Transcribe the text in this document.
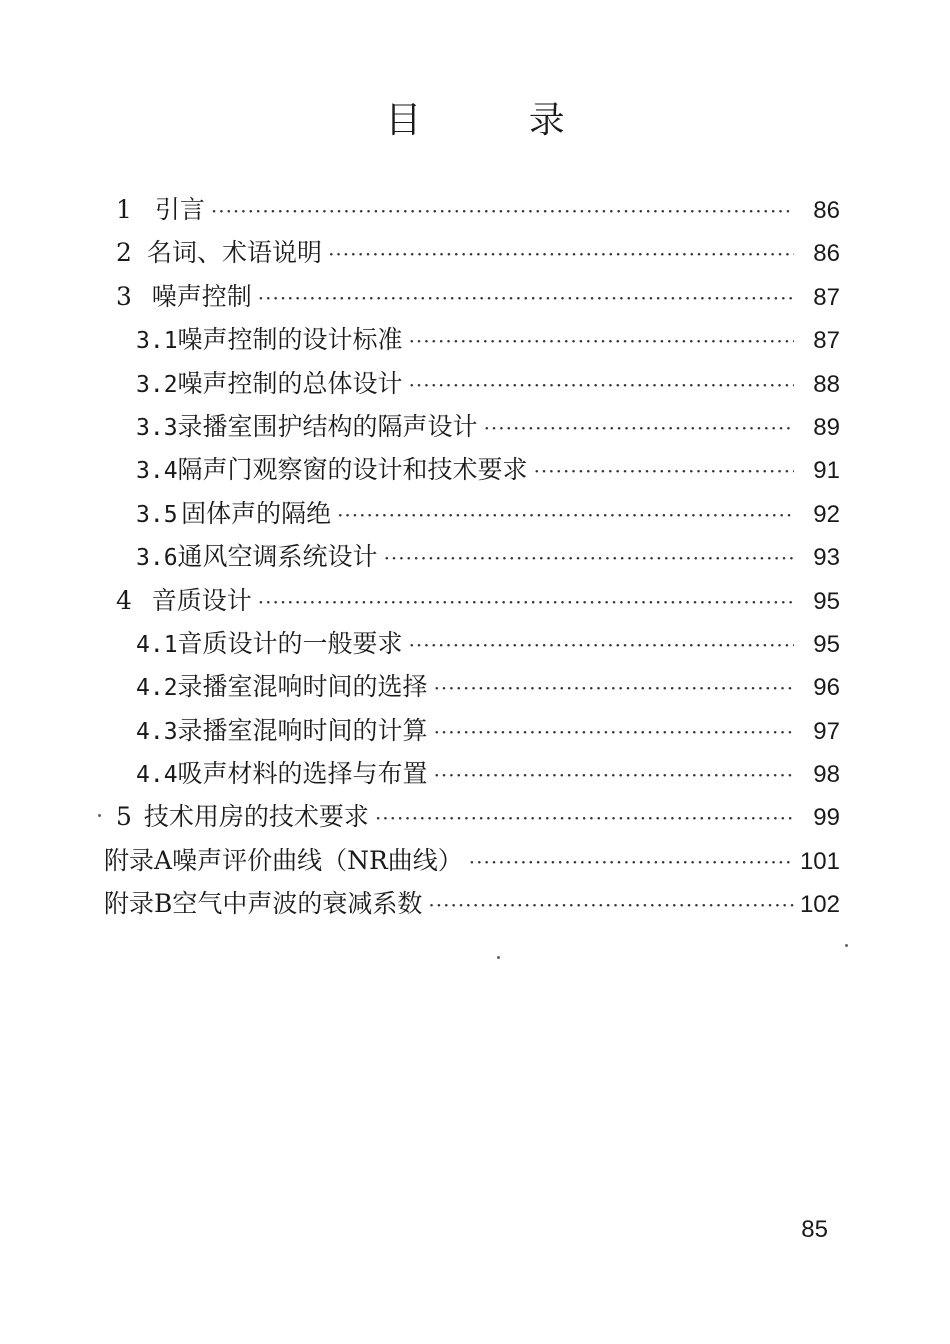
目 录
1 引言 ·····	86
2 名词、术语说明 ·····	86
3 噪声控制 ·····	87
3.1 噪声控制的设计标准 ·····	87
3.2 噪声控制的总体设计 ·····	88
3.3 录播室围护结构的隔声设计 ·····	89
3.4 隔声门观察窗的设计和技术要求 ·····	91
3.5 固体声的隔绝 ·····	92
3.6 通风空调系统设计 ·····	93
4 音质设计 ·····	95
4.1 音质设计的一般要求 ·····	95
4.2 录播室混响时间的选择 ·····	96
4.3 录播室混响时间的计算 ·····	97
4.4 吸声材料的选择与布置 ·····	98
5 技术用房的技术要求 ·····	99
附录A 噪声评价曲线（NR曲线） ·····	101
附录B 空气中声波的衰减系数 ·····	102
85
